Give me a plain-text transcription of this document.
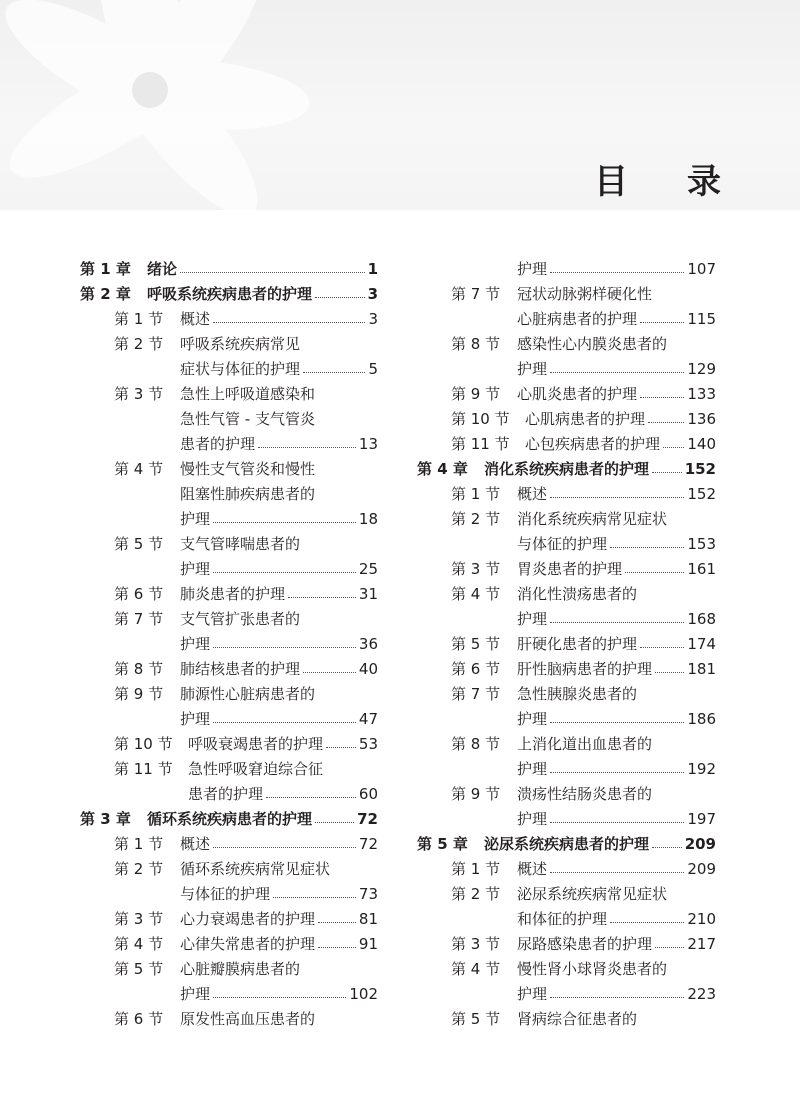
目 录
第 1 章 绪论	1
第 2 章 呼吸系统疾病患者的护理	3
第 1 节 概述	3
第 2 节 呼吸系统疾病常见
症状与体征的护理	5
第 3 节 急性上呼吸道感染和
急性气管 - 支气管炎
患者的护理	13
第 4 节 慢性支气管炎和慢性
阻塞性肺疾病患者的
护理	18
第 5 节 支气管哮喘患者的
护理	25
第 6 节 肺炎患者的护理	31
第 7 节 支气管扩张患者的
护理	36
第 8 节 肺结核患者的护理	40
第 9 节 肺源性心脏病患者的
护理	47
第 10 节 呼吸衰竭患者的护理 53
第 11 节 急性呼吸窘迫综合征
患者的护理	60
第 3 章 循环系统疾病患者的护理	72
第 1 节 概述	72
第 2 节 循环系统疾病常见症状
与体征的护理	73
第 3 节 心力衰竭患者的护理	81
第 4 节 心律失常患者的护理	91
第 5 节 心脏瓣膜病患者的
护理	102
第 6 节 原发性高血压患者的
护理	107
第 7 节 冠状动脉粥样硬化性
心脏病患者的护理	115
第 8 节 感染性心内膜炎患者的
护理	129
第 9 节 心肌炎患者的护理	133
第 10 节 心肌病患者的护理	136
第 11 节 心包疾病患者的护理 140
第 4 章 消化系统疾病患者的护理 152
第 1 节 概述	152
第 2 节 消化系统疾病常见症状
与体征的护理	153
第 3 节 胃炎患者的护理	161
第 4 节 消化性溃疡患者的
护理	168
第 5 节 肝硬化患者的护理	174
第 6 节 肝性脑病患者的护理 181
第 7 节 急性胰腺炎患者的
护理	186
第 8 节 上消化道出血患者的
护理	192
第 9 节 溃疡性结肠炎患者的
护理	197
第 5 章 泌尿系统疾病患者的护理 209
第 1 节 概述	209
第 2 节 泌尿系统疾病常见症状
和体征的护理	210
第 3 节 尿路感染患者的护理 217
第 4 节 慢性肾小球肾炎患者的
护理	223
第 5 节 肾病综合征患者的
